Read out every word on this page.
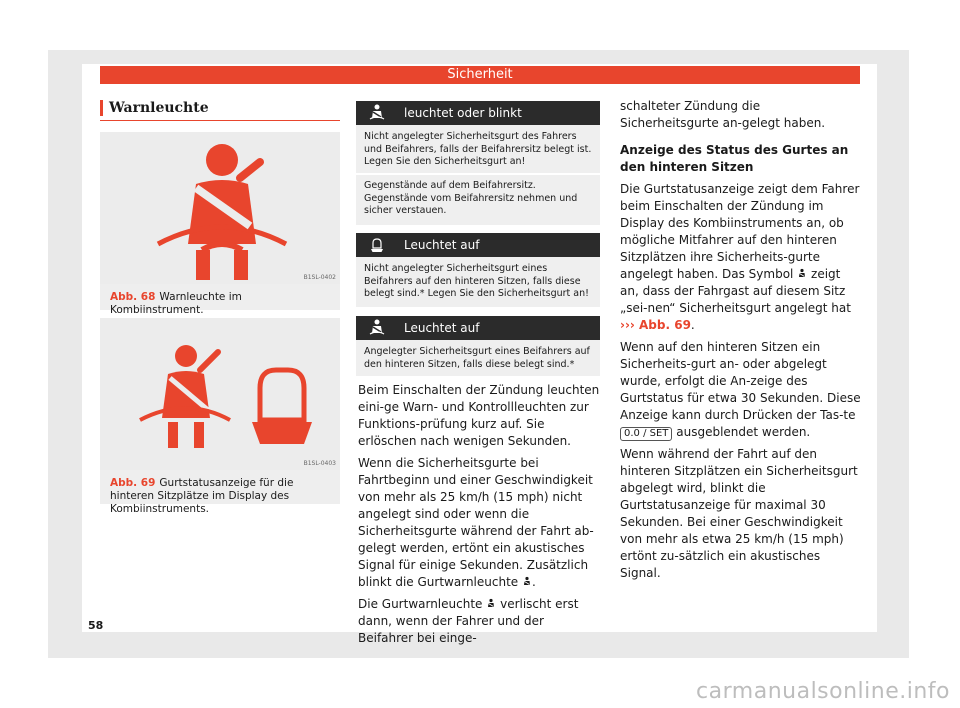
Sicherheit
Warnleuchte
B1SL-0402
Abb. 68 Warnleuchte im Kombiinstrument.
B1SL-0403
Abb. 69 Gurtstatusanzeige für die hinteren Sitzplätze im Display des Kombiinstruments.
leuchtet oder blinkt
Nicht angelegter Sicherheitsgurt des Fahrers und Beifahrers, falls der Beifahrersitz belegt ist. Legen Sie den Sicherheitsgurt an!
Gegenstände auf dem Beifahrersitz. Gegenstände vom Beifahrersitz nehmen und sicher verstauen.
Leuchtet auf
Nicht angelegter Sicherheitsgurt eines Beifahrers auf den hinteren Sitzen, falls diese belegt sind.* Legen Sie den Sicherheitsgurt an!
Leuchtet auf
Angelegter Sicherheitsgurt eines Beifahrers auf den hinteren Sitzen, falls diese belegt sind.*

Beim Einschalten der Zündung leuchten eini-ge Warn- und Kontrollleuchten zur Funktions-prüfung kurz auf. Sie erlöschen nach wenigen Sekunden.

Wenn die Sicherheitsgurte bei Fahrtbeginn und einer Geschwindigkeit von mehr als 25 km/h (15 mph) nicht angelegt sind oder wenn die Sicherheitsgurte während der Fahrt ab-gelegt werden, ertönt ein akustisches Signal für einige Sekunden. Zusätzlich blinkt die Gurtwarnleuchte .

Die Gurtwarnleuchte verlischt erst dann, wenn der Fahrer und der Beifahrer bei einge-

schalteter Zündung die Sicherheitsgurte an-gelegt haben.

Anzeige des Status des Gurtes an den hinteren Sitzen

Die Gurtstatusanzeige zeigt dem Fahrer beim Einschalten der Zündung im Display des Kombiinstruments an, ob mögliche Mitfahrer auf den hinteren Sitzplätzen ihre Sicherheits-gurte angelegt haben. Das Symbol zeigt an, dass der Fahrgast auf diesem Sitz „sei-nen“ Sicherheitsgurt angelegt hat ››› Abb. 69.

Wenn auf den hinteren Sitzen ein Sicherheits-gurt an- oder abgelegt wurde, erfolgt die An-zeige des Gurtstatus für etwa 30 Sekunden. Diese Anzeige kann durch Drücken der Tas-te 0.0 / SET ausgeblendet werden.

Wenn während der Fahrt auf den hinteren Sitzplätzen ein Sicherheitsgurt abgelegt wird, blinkt die Gurtstatusanzeige für maximal 30 Sekunden. Bei einer Geschwindigkeit von mehr als etwa 25 km/h (15 mph) ertönt zu-sätzlich ein akustisches Signal.

58
carmanualsonline.info
